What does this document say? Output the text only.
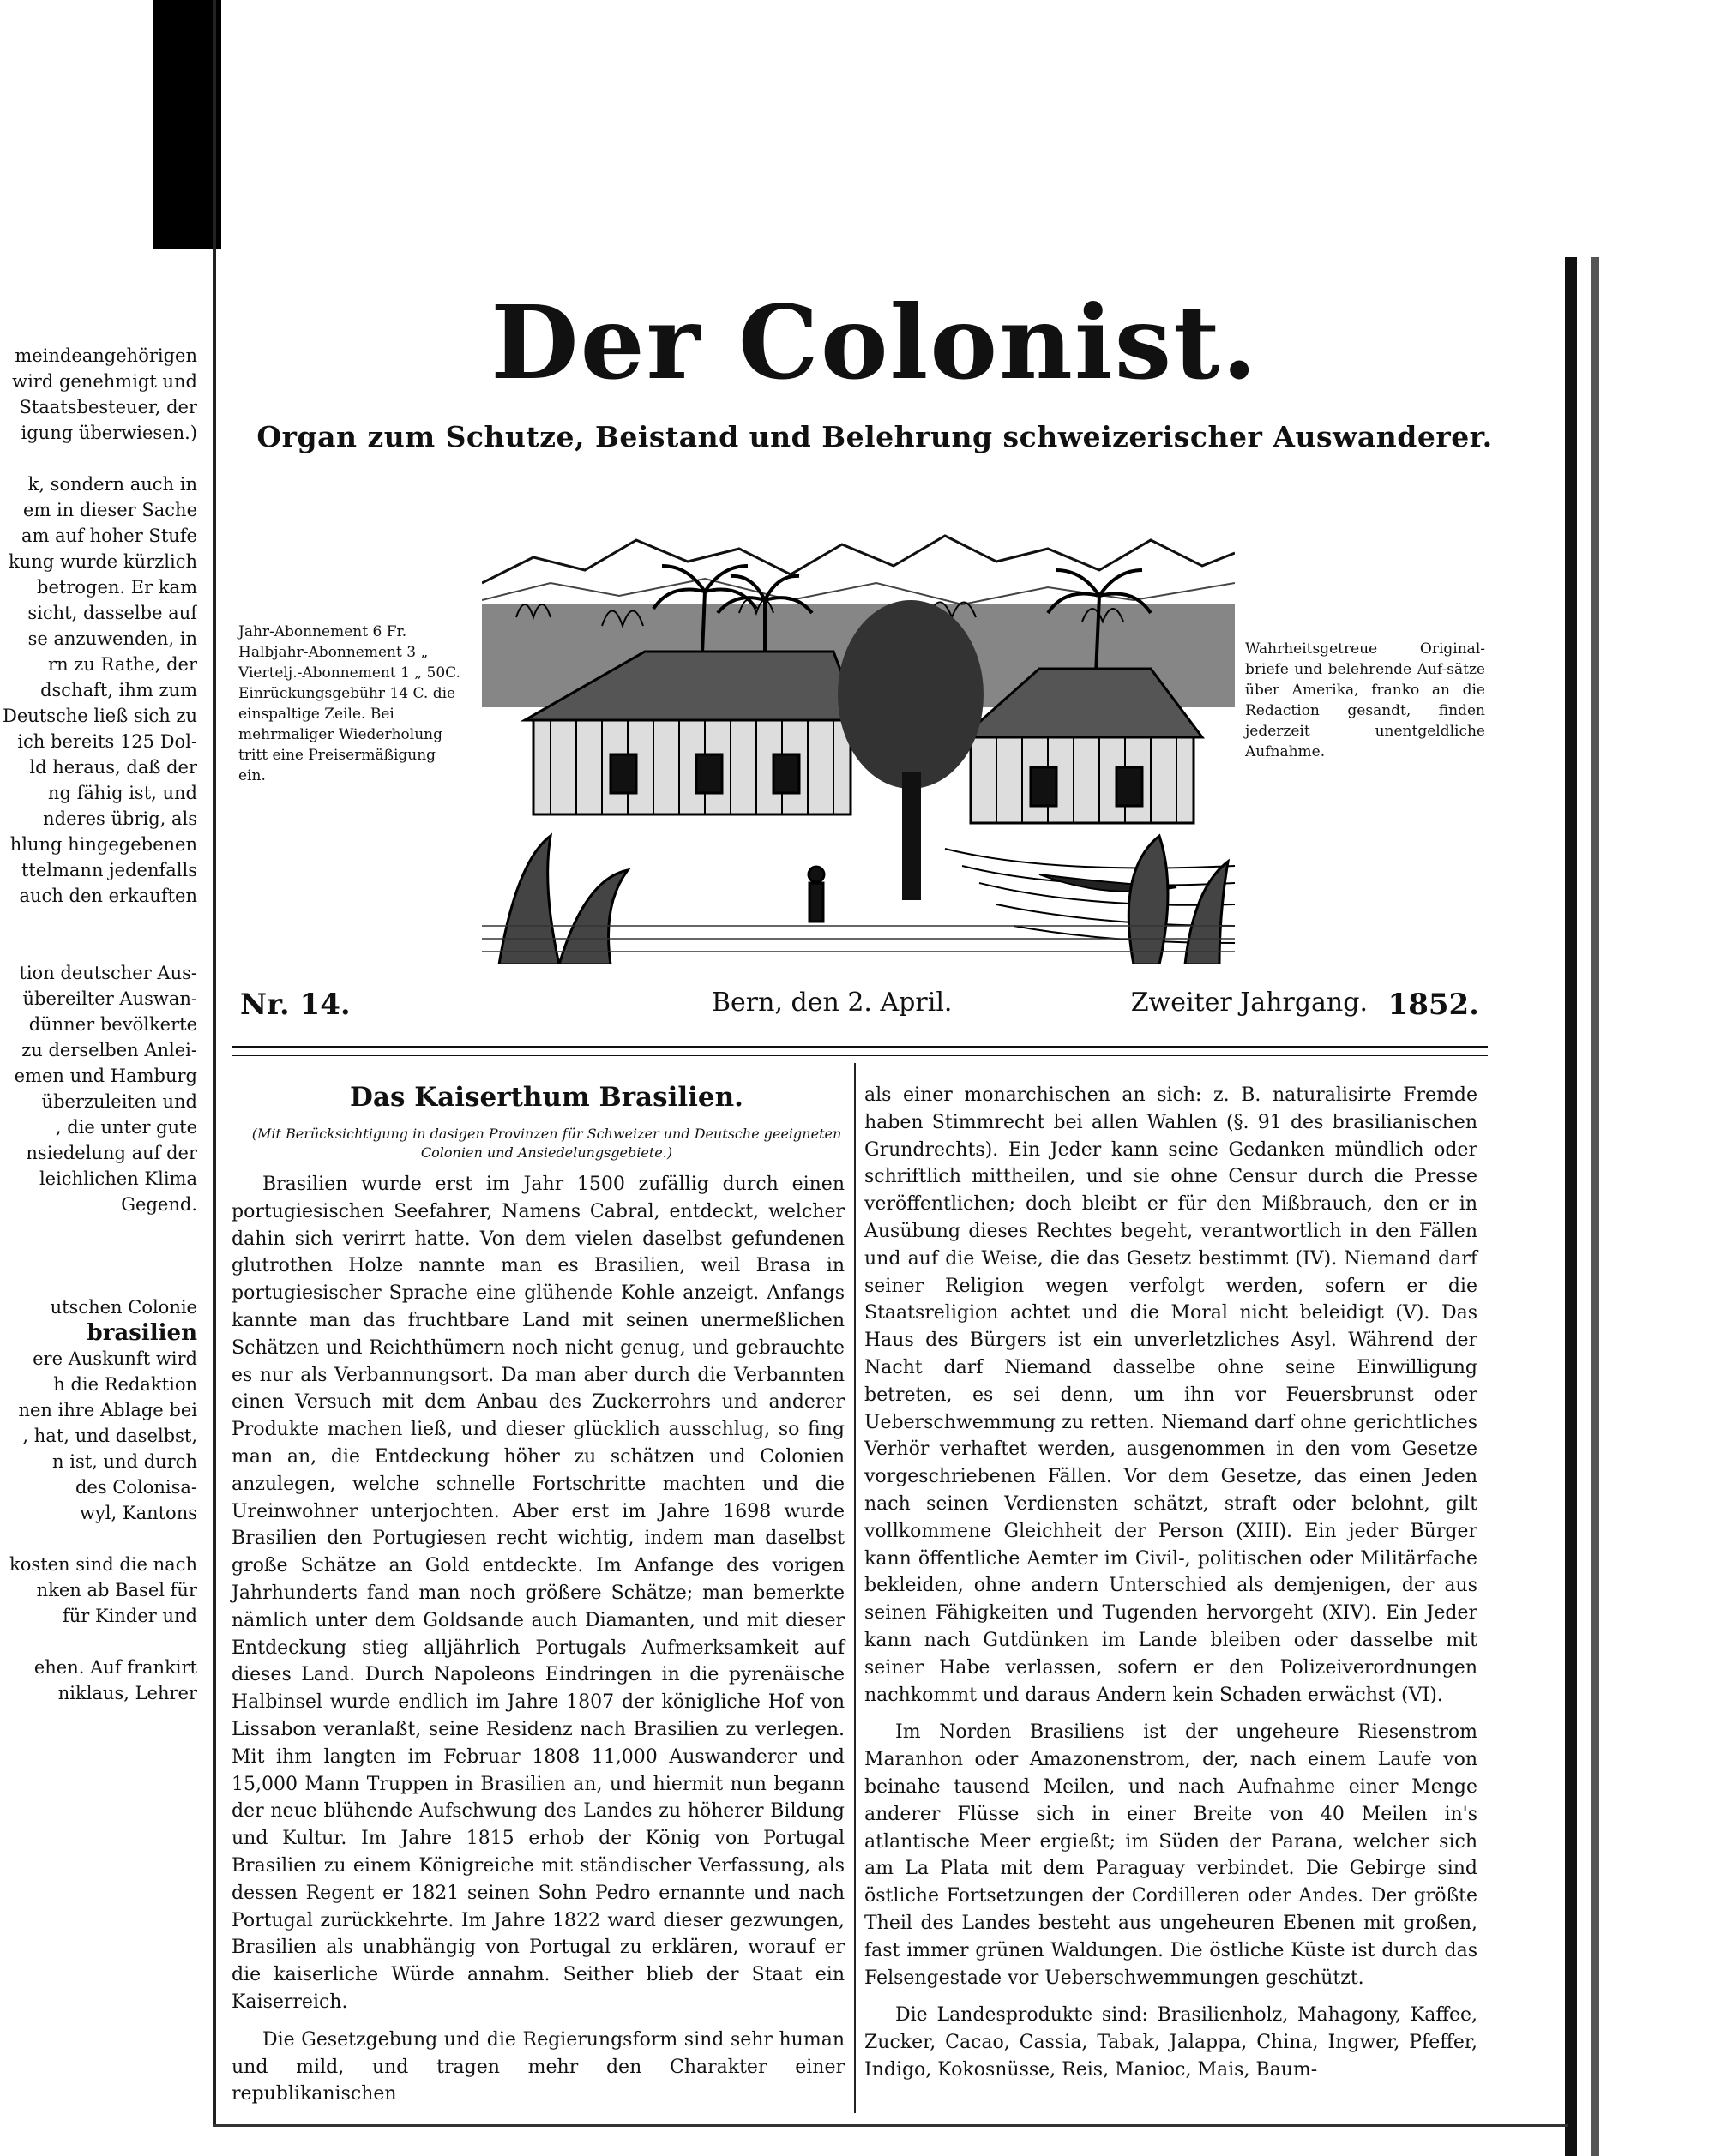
meindeangehörigen
wird genehmigt und
Staatsbesteuer, der
igung überwiesen.)
k, sondern auch in
em in dieser Sache
am auf hoher Stufe
kung wurde kürzlich
betrogen. Er kam
sicht, dasselbe auf
se anzuwenden, in
rn zu Rathe, der
dschaft, ihm zum
Deutsche ließ sich zu
ich bereits 125 Dol-
ld heraus, daß der
ng fähig ist, und
nderes übrig, als
hlung hingegebenen
ttelmann jedenfalls
auch den erkauften
tion deutscher Aus-
übereilter Auswan-
dünner bevölkerte
zu derselben Anlei-
emen und Hamburg
überzuleiten und
, die unter gute
nsiedelung auf der
leichlichen Klima
Gegend.
utschen Colonie
brasilien
ere Auskunft wird
h die Redaktion
nen ihre Ablage bei
, hat, und daselbst,
n ist, und durch
des Colonisa-
wyl, Kantons
kosten sind die nach
nken ab Basel für
für Kinder und
ehen. Auf frankirt
niklaus, Lehrer
Der Colonist.
Organ zum Schutze, Beistand und Belehrung schweizerischer Auswanderer.
Jahr-Abonnement 6 Fr.
Halbjahr-Abonnement 3 „
Viertelj.-Abonnement 1 „ 50C.
Einrückungsgebühr 14 C. die
einspaltige Zeile. Bei
mehrmaliger Wiederholung
tritt eine Preisermäßigung
ein.
Wahrheitsgetreue Original-briefe und belehrende Auf-sätze über Amerika, franko an die Redaction gesandt, finden jederzeit unentgeldliche Aufnahme.
Nr. 14.	Bern, den 2. April.	Zweiter Jahrgang. 1852.
Das Kaiserthum Brasilien.
(Mit Berücksichtigung in dasigen Provinzen für Schweizer und Deutsche geeigneten Colonien und Ansiedelungsgebiete.)

Brasilien wurde erst im Jahr 1500 zufällig durch einen portugiesischen Seefahrer, Namens Cabral, entdeckt, welcher dahin sich verirrt hatte. Von dem vielen daselbst gefundenen glutrothen Holze nannte man es Brasilien, weil Brasa in portugiesischer Sprache eine glühende Kohle anzeigt. Anfangs kannte man das fruchtbare Land mit seinen unermeßlichen Schätzen und Reichthümern noch nicht genug, und gebrauchte es nur als Verbannungsort. Da man aber durch die Verbannten einen Versuch mit dem Anbau des Zuckerrohrs und anderer Produkte machen ließ, und dieser glücklich ausschlug, so fing man an, die Entdeckung höher zu schätzen und Colonien anzulegen, welche schnelle Fortschritte machten und die Ureinwohner unterjochten. Aber erst im Jahre 1698 wurde Brasilien den Portugiesen recht wichtig, indem man daselbst große Schätze an Gold entdeckte. Im Anfange des vorigen Jahrhunderts fand man noch größere Schätze; man bemerkte nämlich unter dem Goldsande auch Diamanten, und mit dieser Entdeckung stieg alljährlich Portugals Aufmerksamkeit auf dieses Land. Durch Napoleons Eindringen in die pyrenäische Halbinsel wurde endlich im Jahre 1807 der königliche Hof von Lissabon veranlaßt, seine Residenz nach Brasilien zu verlegen. Mit ihm langten im Februar 1808 11,000 Auswanderer und 15,000 Mann Truppen in Brasilien an, und hiermit nun begann der neue blühende Aufschwung des Landes zu höherer Bildung und Kultur. Im Jahre 1815 erhob der König von Portugal Brasilien zu einem Königreiche mit ständischer Verfassung, als dessen Regent er 1821 seinen Sohn Pedro ernannte und nach Portugal zurückkehrte. Im Jahre 1822 ward dieser gezwungen, Brasilien als unabhängig von Portugal zu erklären, worauf er die kaiserliche Würde annahm. Seither blieb der Staat ein Kaiserreich.

Die Gesetzgebung und die Regierungsform sind sehr human und mild, und tragen mehr den Charakter einer republikanischen

als einer monarchischen an sich: z. B. naturalisirte Fremde haben Stimmrecht bei allen Wahlen (§. 91 des brasilianischen Grundrechts). Ein Jeder kann seine Gedanken mündlich oder schriftlich mittheilen, und sie ohne Censur durch die Presse veröffentlichen; doch bleibt er für den Mißbrauch, den er in Ausübung dieses Rechtes begeht, verantwortlich in den Fällen und auf die Weise, die das Gesetz bestimmt (IV). Niemand darf seiner Religion wegen verfolgt werden, sofern er die Staatsreligion achtet und die Moral nicht beleidigt (V). Das Haus des Bürgers ist ein unverletzliches Asyl. Während der Nacht darf Niemand dasselbe ohne seine Einwilligung betreten, es sei denn, um ihn vor Feuersbrunst oder Ueberschwemmung zu retten. Niemand darf ohne gerichtliches Verhör verhaftet werden, ausgenommen in den vom Gesetze vorgeschriebenen Fällen. Vor dem Gesetze, das einen Jeden nach seinen Verdiensten schätzt, straft oder belohnt, gilt vollkommene Gleichheit der Person (XIII). Ein jeder Bürger kann öffentliche Aemter im Civil-, politischen oder Militärfache bekleiden, ohne andern Unterschied als demjenigen, der aus seinen Fähigkeiten und Tugenden hervorgeht (XIV). Ein Jeder kann nach Gutdünken im Lande bleiben oder dasselbe mit seiner Habe verlassen, sofern er den Polizeiverordnungen nachkommt und daraus Andern kein Schaden erwächst (VI).

Im Norden Brasiliens ist der ungeheure Riesenstrom Maranhon oder Amazonenstrom, der, nach einem Laufe von beinahe tausend Meilen, und nach Aufnahme einer Menge anderer Flüsse sich in einer Breite von 40 Meilen in's atlantische Meer ergießt; im Süden der Parana, welcher sich am La Plata mit dem Paraguay verbindet. Die Gebirge sind östliche Fortsetzungen der Cordilleren oder Andes. Der größte Theil des Landes besteht aus ungeheuren Ebenen mit großen, fast immer grünen Waldungen. Die östliche Küste ist durch das Felsengestade vor Ueberschwemmungen geschützt.

Die Landesprodukte sind: Brasilienholz, Mahagony, Kaffee, Zucker, Cacao, Cassia, Tabak, Jalappa, China, Ingwer, Pfeffer, Indigo, Kokosnüsse, Reis, Manioc, Mais, Baum-
